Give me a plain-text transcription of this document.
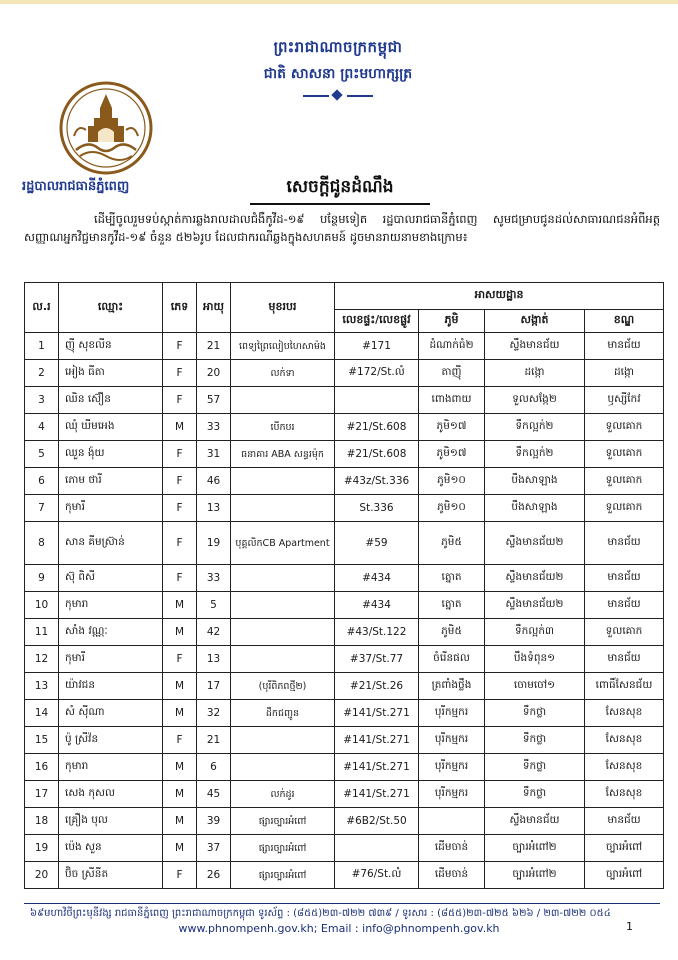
ព្រះរាជាណាចក្រកម្ពុជា
ជាតិ សាសនា ព្រះមហាក្សត្រ
រដ្ឋបាលរាជធានីភ្នំពេញ	សេចក្ដីជូនដំណឹង
ដើម្បីចូលរួមទប់ស្កាត់ការឆ្លងរាលដាលជំងឺកូវីដ-១៩ បន្ថែមទៀត រដ្ឋបាលរាជធានីភ្នំពេញ សូមជម្រាបជូនដល់សាធារណជនអំពីអត្តសញ្ញាណអ្នកវិជ្ជមានកូវីដ-១៩ ចំនួន ៥២៦រូប ដែលជាករណីឆ្លងក្នុងសហគមន៍ ដូចមានរាយនាមខាងក្រោម៖
ល.រ	ឈ្មោះ	ភេទ	អាយុ	មុខរបរ	អាសយដ្ឋាន			
					លេខផ្ទះ/លេខផ្លូវ	ភូមិ	សង្កាត់	ខណ្ឌ
1	ញ៉ី សុខលីន	F	21	ពេទ្យព្រៃលៀបហៃសាម៉ង	#171	ដំណាក់ធំ២	ស្ទឹងមានជ័យ	មានជ័យ
2	អៀង ធីតា	F	20	លក់ទា	#172/St.លំ	តាញ៉ី	ដង្កោ	ដង្កោ
3	ឈិន ស៊ឿន	F	57			ពោងពាយ	ទួលសង្កែ២	ឫស្សីកែវ
4	ឈុំ ឃីមអេង	M	33	បើកបរ	#21/St.608	ភូមិ១៧	ទឹកល្អក់២	ទួលគោក
5	ឈួន ង៉ុយ	F	31	ធនាគារ ABA សន្ធរម៉ុក	#21/St.608	ភូមិ១៧	ទឹកល្អក់២	ទួលគោក
6	ភោម ថារី	F	46		#43z/St.336	ភូមិ១០	បឹងសាឡាង	ទួលគោក
7	កុមារី	F	13		St.336	ភូមិ១០	បឹងសាឡាង	ទួលគោក
8	សាន គីមស្រ៊ាន់	F	19	បុគ្គលិកCB Apartment	#59	ភូមិ៥	ស្ទឹងមានជ័យ២	មានជ័យ
9	ស៊ុ ពិសី	F	33		#434	ត្នោត	ស្ទឹងមានជ័យ២	មានជ័យ
10	កុមារា	M	5		#434	ត្នោត	ស្ទឹងមានជ័យ២	មានជ័យ
11	សាំង វណ្ណៈ	M	42		#43/St.122	ភូមិ៥	ទឹកល្អក់៣	ទួលគោក
12	កុមារី	F	13		#37/St.77	ចំរើនផល	បឹងទំពុន១	មានជ័យ
13	យ៉ាវជន	M	17	(បុរីពិភពថ្មី២)	#21/St.26	ត្រពាំងថ្លឹង	ចោមចៅ១	ពោធិ៍សែនជ័យ
14	សំ ស៊ីណា	M	32	ដឹកជញ្ជូន	#141/St.271	បុរីកម្មករ	ទឹកថ្លា	សែនសុខ
15	ប៉ូ ស្រីវ៉ន	F	21		#141/St.271	បុរីកម្មករ	ទឹកថ្លា	សែនសុខ
16	កុមារា	M	6		#141/St.271	បុរីកម្មករ	ទឹកថ្លា	សែនសុខ
17	សេង កុសល	M	45	លក់ដូរ	#141/St.271	បុរីកម្មករ	ទឹកថ្លា	សែនសុខ
18	គ្រឿង បុល	M	39	ផ្សារច្បារអំពៅ	#6B2/St.50		ស្ទឹងមានជ័យ	មានជ័យ
19	ប៉េង សួន	M	37	ផ្សារច្បារអំពៅ		ដើមចាន់	ច្បារអំពៅ២	ច្បារអំពៅ
20	ប៊ិច ស្រីនីត	F	26	ផ្សារច្បារអំពៅ	#76/St.លំ	ដើមចាន់	ច្បារអំពៅ២	ច្បារអំពៅ
៦៩មហាវិថីព្រះមុនីវង្ស រាជធានីភ្នំពេញ ព្រះរាជាណាចក្រកម្ពុជា ទូរស័ព្ទ : (៨៥៥)២៣-៧២២ ៧៣៩ / ទូរសារ : (៨៥៥)២៣-៧២៥ ៦២៦ / ២៣-៧២២ ០៥៤
www.phnompenh.gov.kh; Email : info@phnompenh.gov.kh	1
